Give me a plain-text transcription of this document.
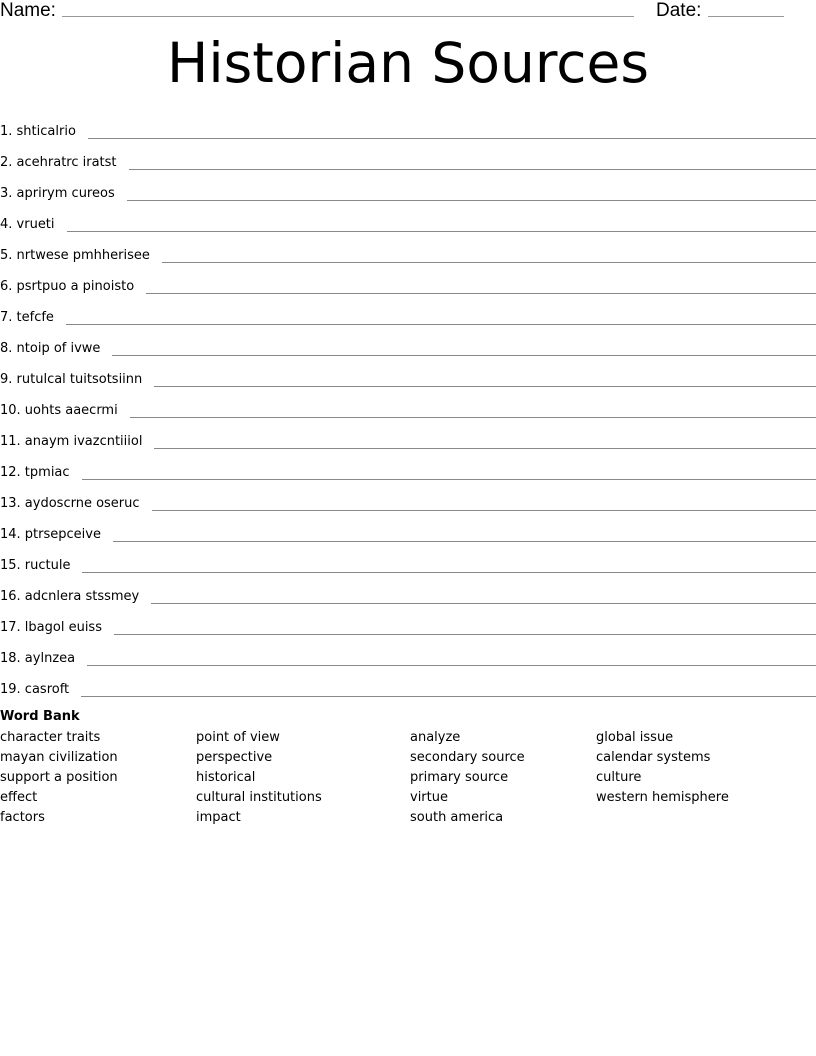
Name:	Date:
Historian Sources
1. shticalrio
2. acehratrc iratst
3. aprirym cureos
4. vrueti
5. nrtwese pmhherisee
6. psrtpuo a pinoisto
7. tefcfe
8. ntoip of ivwe
9. rutulcal tuitsotsiinn
10. uohts aaecrmi
11. anaym ivazcntiiiol
12. tpmiac
13. aydoscrne oseruc
14. ptrsepceive
15. ructule
16. adcnlera stssmey
17. lbagol euiss
18. aylnzea
19. casroft
Word Bank
character traits
mayan civilization
support a position
effect
factors
point of view
perspective
historical
cultural institutions
impact
analyze
secondary source
primary source
virtue
south america
global issue
calendar systems
culture
western hemisphere
